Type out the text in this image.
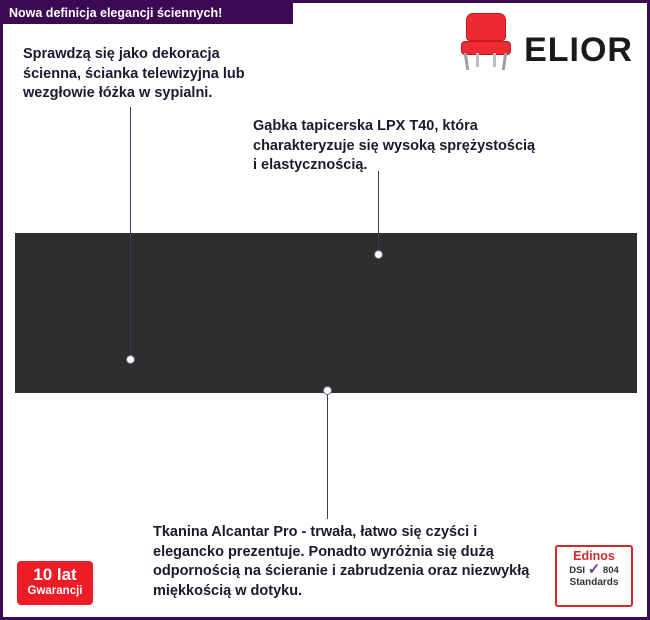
Nowa definicja elegancji ściennych!
ELIOR
Sprawdzą się jako dekoracja ścienna, ścianka telewizyjna lub wezgłowie łóżka w sypialni.
Gąbka tapicerska LPX T40, która charakteryzuje się wysoką sprężystością i elastycznością.
Tkanina Alcantar Pro - trwała, łatwo się czyści i elegancko prezentuje. Ponadto wyróżnia się dużą odpornością na ścieranie i zabrudzenia oraz niezwykłą miękkością w dotyku.
10 lat
Gwarancji
Edinos
DSI ✓ 804
Standards
